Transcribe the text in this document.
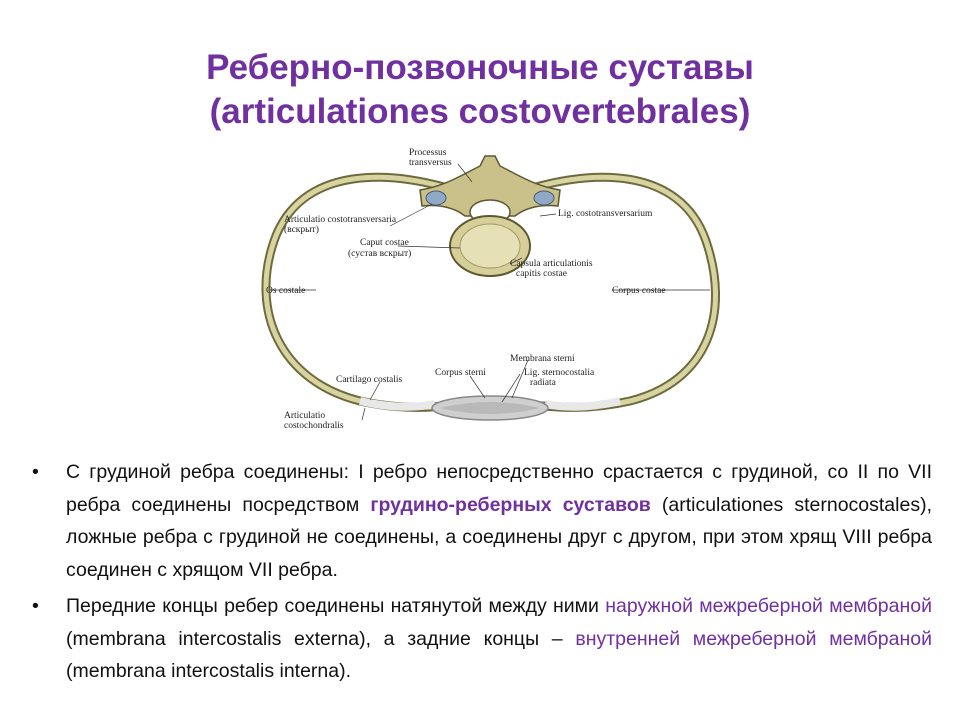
Реберно-позвоночные суставы
(articulationes costovertebrales)
Processus
transversus
Articulatio costotransversaria
(вскрыт)
Caput costae
(сустав вскрыт)
Lig. costotransversarium
Capsula articulationis
capitis costae
Os costale	Corpus costae
Membrana sterni
Corpus sterni	Lig. sternocostalia
radiata
Cartilago costalis
Articulatio
costochondralis
• С грудиной ребра соединены: I ребро непосредственно срастается с грудиной, со II по VII ребра соединены посредством грудино-реберных суставов (articulationes sternocostales), ложные ребра с грудиной не соединены, а соединены друг с другом, при этом хрящ VIII ребра соединен с хрящом VII ребра.
• Передние концы ребер соединены натянутой между ними наружной межреберной мембраной (membrana intercostalis externa), а задние концы – внутренней межреберной мембраной (membrana intercostalis interna).
